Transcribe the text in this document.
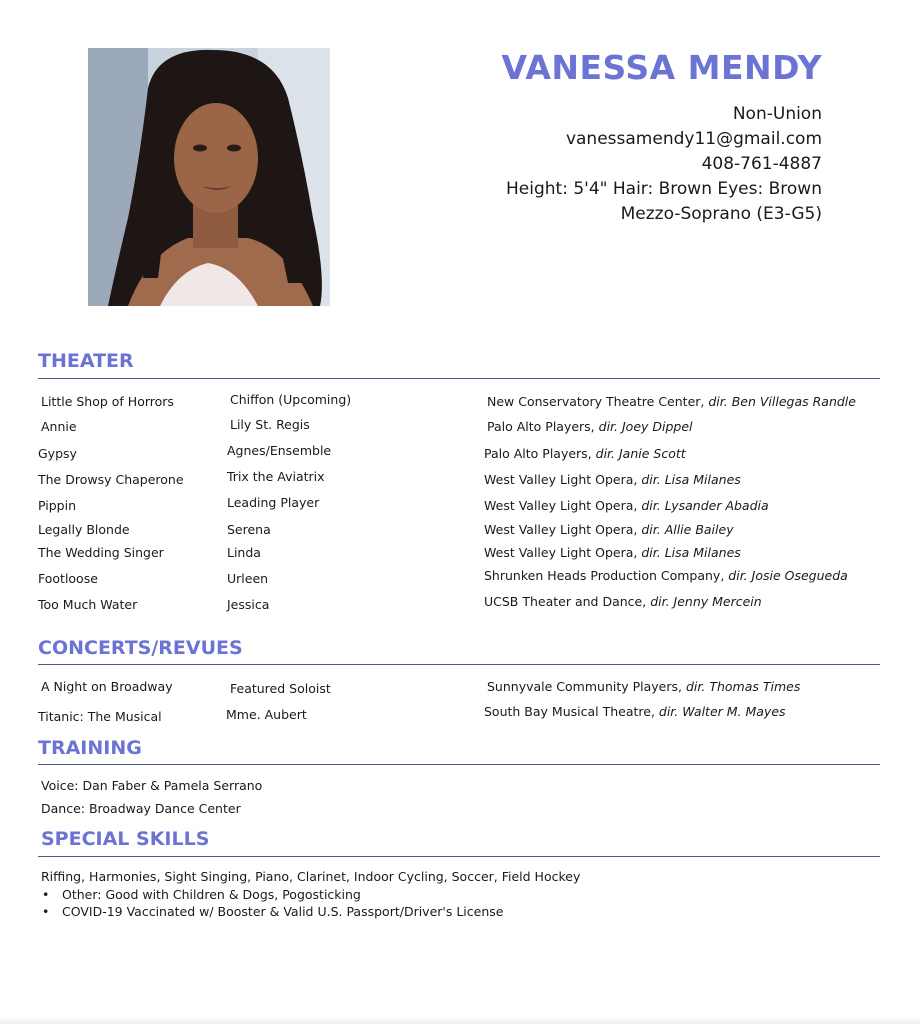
VANESSA MENDY
Non-Union
vanessamendy11@gmail.com
408-761-4887
Height: 5'4" Hair: Brown Eyes: Brown
Mezzo-Soprano (E3-G5)
THEATER
Little Shop of Horrors	Chiffon (Upcoming)	New Conservatory Theatre Center, dir. Ben Villegas Randle
Annie	Lily St. Regis	Palo Alto Players, dir. Joey Dippel
Gypsy	Agnes/Ensemble	Palo Alto Players, dir. Janie Scott
The Drowsy Chaperone	Trix the Aviatrix	West Valley Light Opera, dir. Lisa Milanes
Pippin	Leading Player	West Valley Light Opera, dir. Lysander Abadia
Legally Blonde	Serena	West Valley Light Opera, dir. Allie Bailey
The Wedding Singer	Linda	West Valley Light Opera, dir. Lisa Milanes
Footloose	Urleen	Shrunken Heads Production Company, dir. Josie Osegueda
Too Much Water	Jessica	UCSB Theater and Dance, dir. Jenny Mercein
CONCERTS/REVUES
A Night on Broadway	Featured Soloist	Sunnyvale Community Players, dir. Thomas Times
Titanic: The Musical	Mme. Aubert	South Bay Musical Theatre, dir. Walter M. Mayes
TRAINING
Voice: Dan Faber & Pamela Serrano
Dance: Broadway Dance Center
SPECIAL SKILLS
Riffing, Harmonies, Sight Singing, Piano, Clarinet, Indoor Cycling, Soccer, Field Hockey
• Other: Good with Children & Dogs, Pogosticking
• COVID-19 Vaccinated w/ Booster & Valid U.S. Passport/Driver's License
